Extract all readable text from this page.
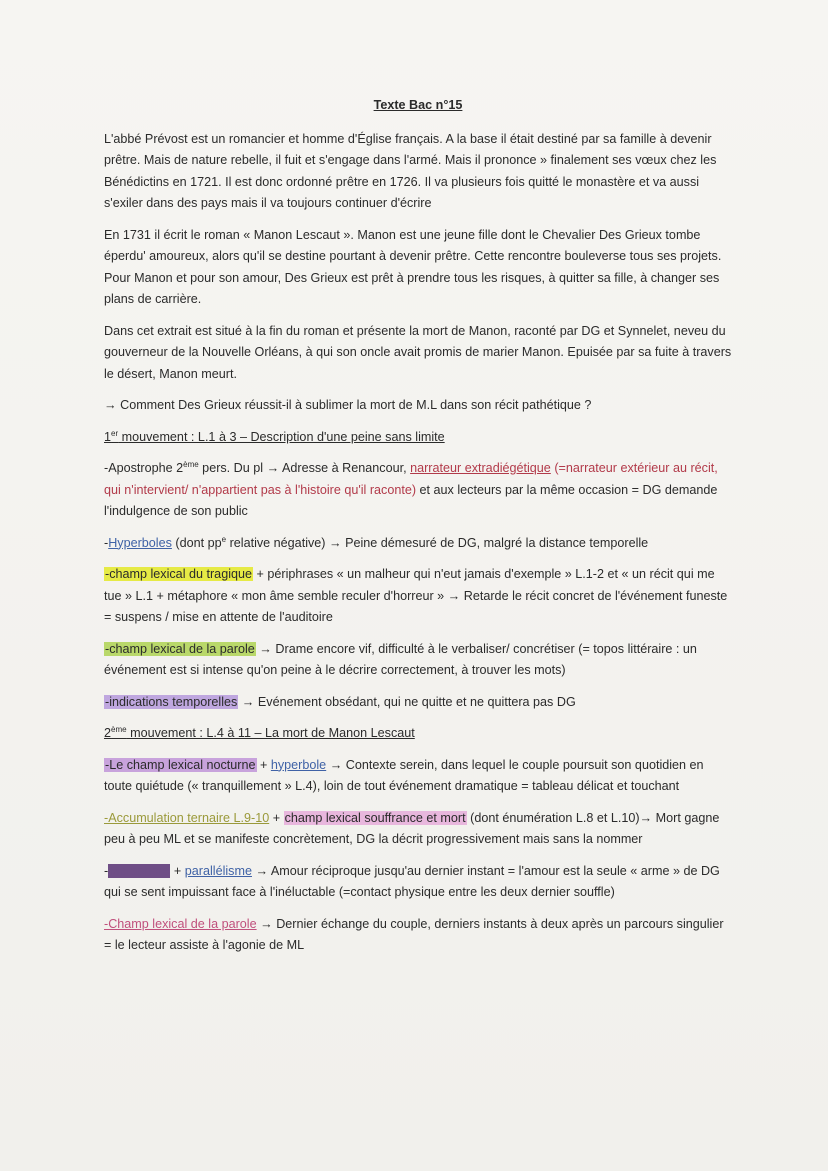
Texte Bac n°15

L'abbé Prévost est un romancier et homme d'Église français. A la base il était destiné par sa famille à devenir prêtre. Mais de nature rebelle, il fuit et s'engage dans l'armé. Mais il prononce » finalement ses vœux chez les Bénédictins en 1721. Il est donc ordonné prêtre en 1726. Il va plusieurs fois quitté le monastère et va aussi s'exiler dans des pays mais il va toujours continuer d'écrire

En 1731 il écrit le roman « Manon Lescaut ». Manon est une jeune fille dont le Chevalier Des Grieux tombe éperdu' amoureux, alors qu'il se destine pourtant à devenir prêtre. Cette rencontre bouleverse tous ses projets. Pour Manon et pour son amour, Des Grieux est prêt à prendre tous les risques, à quitter sa fille, à changer ses plans de carrière.

Dans cet extrait est situé à la fin du roman et présente la mort de Manon, raconté par DG et Synnelet, neveu du gouverneur de la Nouvelle Orléans, à qui son oncle avait promis de marier Manon. Epuisée par sa fuite à travers le désert, Manon meurt.

→ Comment Des Grieux réussit-il à sublimer la mort de M.L dans son récit pathétique ?

1er mouvement : L.1 à 3 – Description d'une peine sans limite

-Apostrophe 2ème pers. Du pl → Adresse à Renancour, narrateur extradiégétique (=narrateur extérieur au récit, qui n'intervient/ n'appartient pas à l'histoire qu'il raconte) et aux lecteurs par la même occasion = DG demande l'indulgence de son public

-Hyperboles (dont $pp^e$ relative négative) → Peine démesuré de DG, malgré la distance temporelle

-champ lexical du tragique + périphrases « un malheur qui n'eut jamais d'exemple » L.1-2 et « un récit qui me tue » L.1 + métaphore « mon âme semble reculer d'horreur » → Retarde le récit concret de l'événement funeste = suspens / mise en attente de l'auditoire

-champ lexical de la parole → Drame encore vif, difficulté à le verbaliser/ concrétiser (= topos littéraire : un événement est si intense qu'on peine à le décrire correctement, à trouver les mots)

-indications temporelles → Evénement obsédant, qui ne quitte et ne quittera pas DG

2ème mouvement : L.4 à 11 – La mort de Manon Lescaut

-Le champ lexical nocturne + hyperbole → Contexte serein, dans lequel le couple poursuit son quotidien en toute quiétude (« tranquillement » L.4), loin de tout événement dramatique = tableau délicat et touchant

-Accumulation ternaire L.9-10 + champ lexical souffrance et mort (dont énumération L.8 et L.10)→ Mort gagne peu à peu ML et se manifeste concrètement, DG la décrit progressivement mais sans la nommer

-Métaphore + parallélisme → Amour réciproque jusqu'au dernier instant = l'amour est la seule « arme » de DG qui se sent impuissant face à l'inéluctable (=contact physique entre les deux dernier souffle)

-Champ lexical de la parole → Dernier échange du couple, derniers instants à deux après un parcours singulier = le lecteur assiste à l'agonie de ML
